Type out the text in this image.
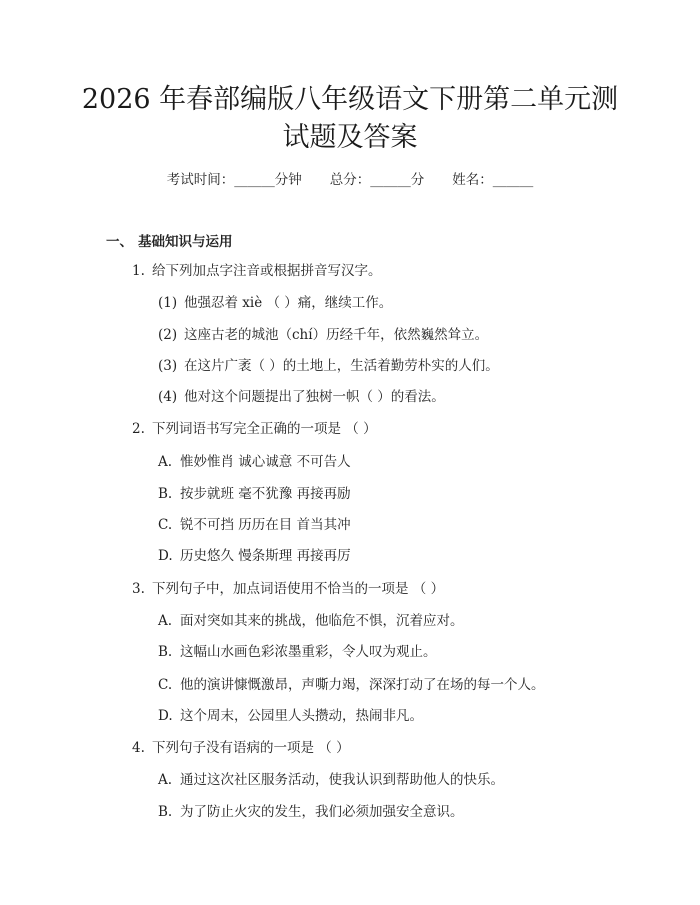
2026 年春部编版八年级语文下册第二单元测
试题及答案
考试时间：______分钟 总分：______分 姓名：______
一、 基础知识与运用
1. 给下列加点字注音或根据拼音写汉字。
(1) 他强忍着 xiè （ ）痛，继续工作。
(2) 这座古老的城池（chí）历经千年，依然巍然耸立。
(3) 在这片广袤（ ）的土地上，生活着勤劳朴实的人们。
(4) 他对这个问题提出了独树一帜（ ）的看法。
2. 下列词语书写完全正确的一项是 （ ）
A. 惟妙惟肖 诚心诚意 不可告人
B. 按步就班 毫不犹豫 再接再励
C. 锐不可挡 历历在目 首当其冲
D. 历史悠久 慢条斯理 再接再厉
3. 下列句子中，加点词语使用不恰当的一项是 （ ）
A. 面对突如其来的挑战，他临危不惧，沉着应对。
B. 这幅山水画色彩浓墨重彩，令人叹为观止。
C. 他的演讲慷慨激昂，声嘶力竭，深深打动了在场的每一个人。
D. 这个周末，公园里人头攒动，热闹非凡。
4. 下列句子没有语病的一项是 （ ）
A. 通过这次社区服务活动，使我认识到帮助他人的快乐。
B. 为了防止火灾的发生，我们必须加强安全意识。
